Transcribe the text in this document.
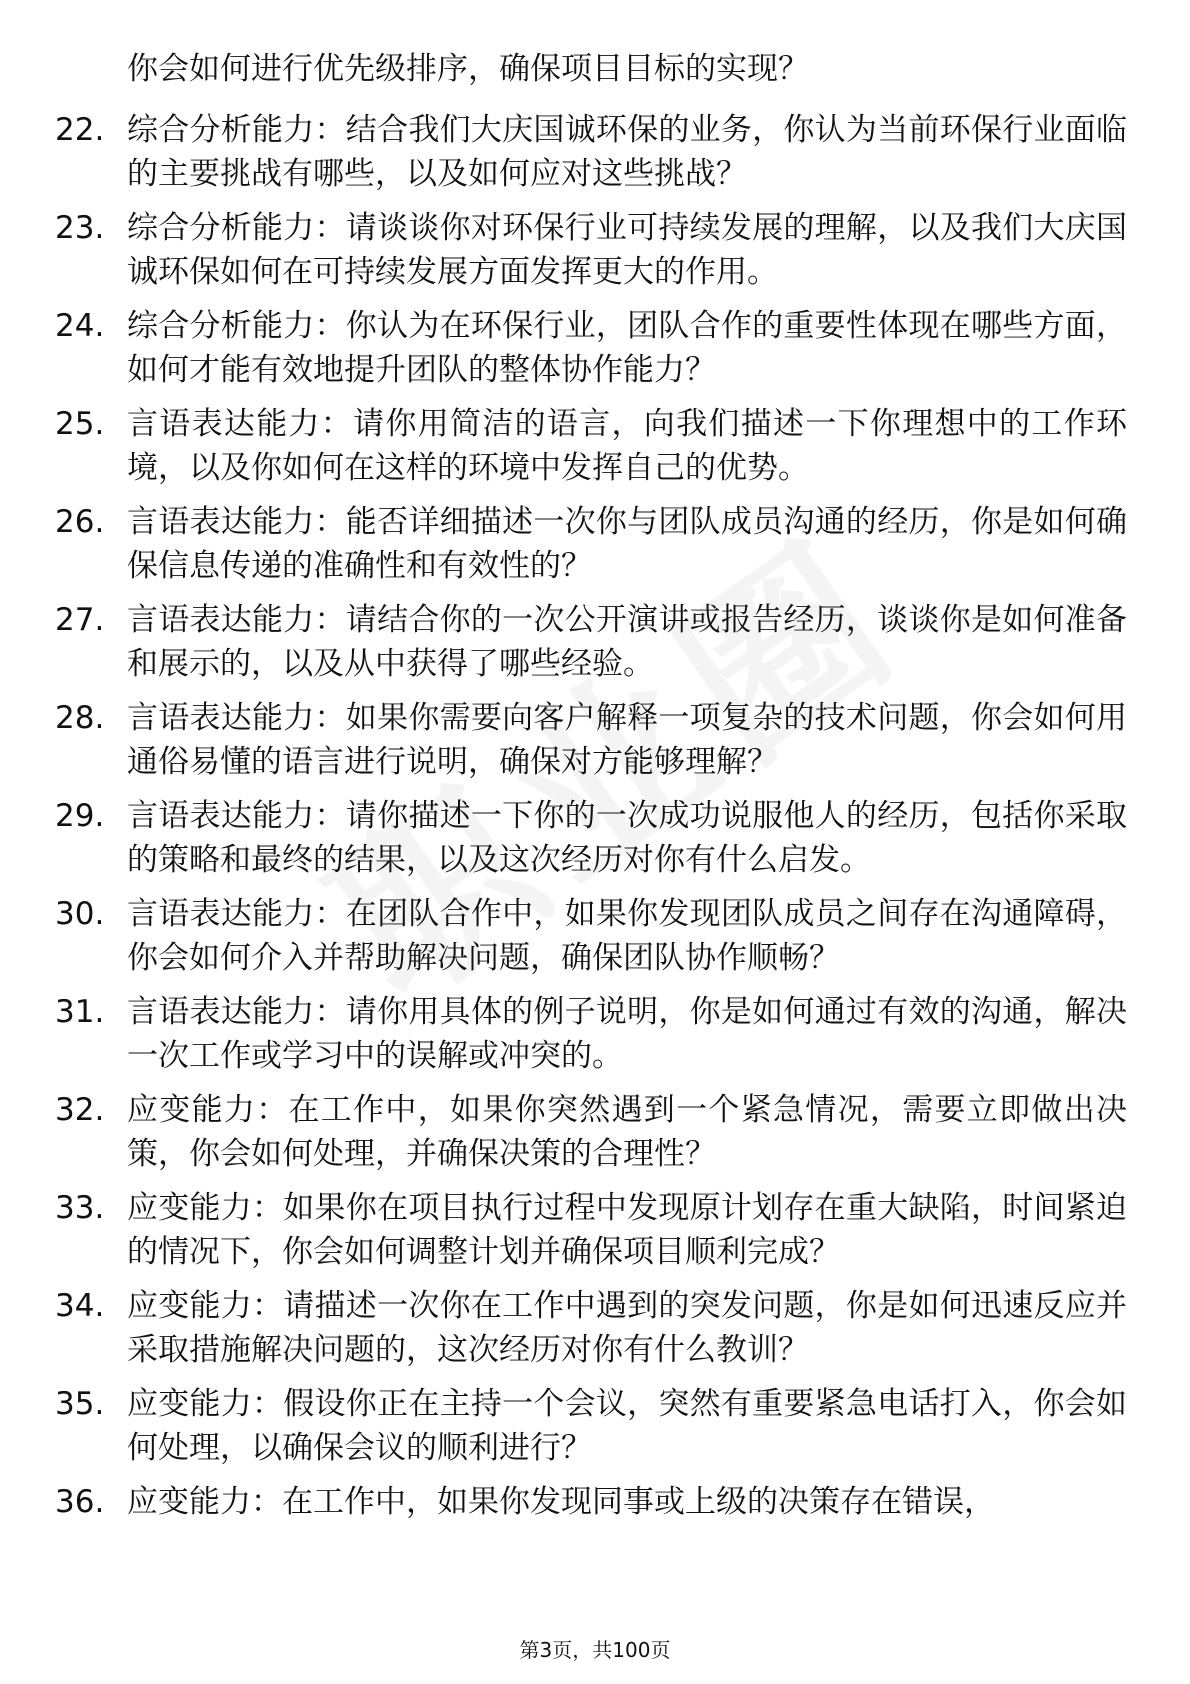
你会如何进行优先级排序，确保项目目标的实现？
22. 综合分析能力：结合我们大庆国诚环保的业务，你认为当前环保行业面临的主要挑战有哪些，以及如何应对这些挑战？
23. 综合分析能力：请谈谈你对环保行业可持续发展的理解，以及我们大庆国诚环保如何在可持续发展方面发挥更大的作用。
24. 综合分析能力：你认为在环保行业，团队合作的重要性体现在哪些方面，如何才能有效地提升团队的整体协作能力？
25. 言语表达能力：请你用简洁的语言，向我们描述一下你理想中的工作环境，以及你如何在这样的环境中发挥自己的优势。
26. 言语表达能力：能否详细描述一次你与团队成员沟通的经历，你是如何确保信息传递的准确性和有效性的？
27. 言语表达能力：请结合你的一次公开演讲或报告经历，谈谈你是如何准备和展示的，以及从中获得了哪些经验。
28. 言语表达能力：如果你需要向客户解释一项复杂的技术问题，你会如何用通俗易懂的语言进行说明，确保对方能够理解？
29. 言语表达能力：请你描述一下你的一次成功说服他人的经历，包括你采取的策略和最终的结果，以及这次经历对你有什么启发。
30. 言语表达能力：在团队合作中，如果你发现团队成员之间存在沟通障碍，你会如何介入并帮助解决问题，确保团队协作顺畅？
31. 言语表达能力：请你用具体的例子说明，你是如何通过有效的沟通，解决一次工作或学习中的误解或冲突的。
32. 应变能力：在工作中，如果你突然遇到一个紧急情况，需要立即做出决策，你会如何处理，并确保决策的合理性？
33. 应变能力：如果你在项目执行过程中发现原计划存在重大缺陷，时间紧迫的情况下，你会如何调整计划并确保项目顺利完成？
34. 应变能力：请描述一次你在工作中遇到的突发问题，你是如何迅速反应并采取措施解决问题的，这次经历对你有什么教训？
35. 应变能力：假设你正在主持一个会议，突然有重要紧急电话打入，你会如何处理，以确保会议的顺利进行？
36. 应变能力：在工作中，如果你发现同事或上级的决策存在错误，
第3页，共100页
